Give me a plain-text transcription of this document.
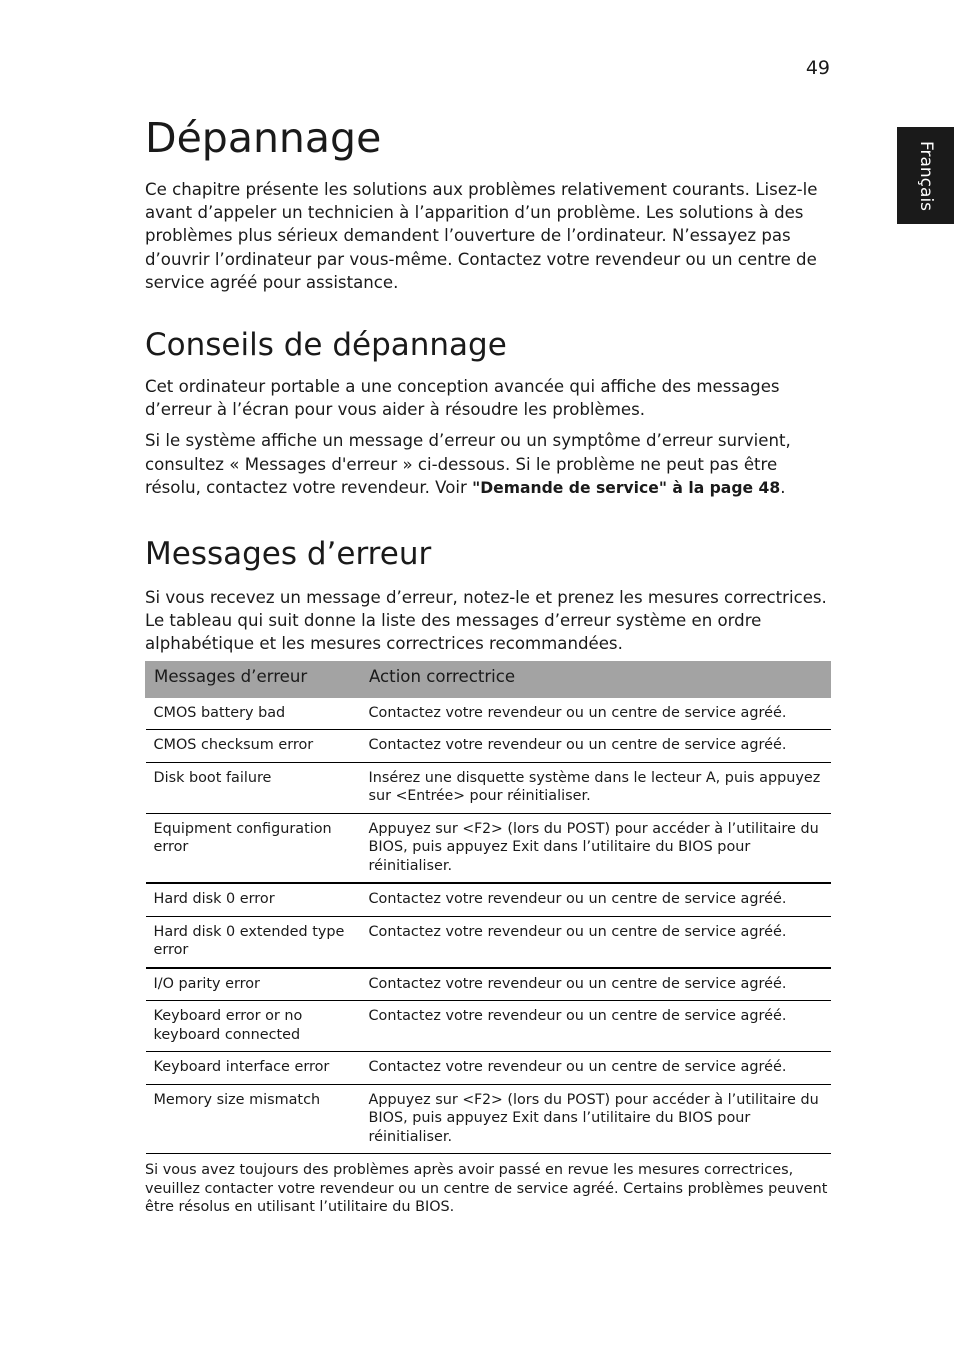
49
Français
Dépannage

Ce chapitre présente les solutions aux problèmes relativement courants. Lisez-le avant d’appeler un technicien à l’apparition d’un problème. Les solutions à des problèmes plus sérieux demandent l’ouverture de l’ordinateur. N’essayez pas d’ouvrir l’ordinateur par vous-même. Contactez votre revendeur ou un centre de service agréé pour assistance.

Conseils de dépannage

Cet ordinateur portable a une conception avancée qui affiche des messages d’erreur à l’écran pour vous aider à résoudre les problèmes.

Si le système affiche un message d’erreur ou un symptôme d’erreur survient, consultez « Messages d'erreur » ci-dessous. Si le problème ne peut pas être résolu, contactez votre revendeur. Voir "Demande de service" à la page 48.

Messages d’erreur

Si vous recevez un message d’erreur, notez-le et prenez les mesures correctrices. Le tableau qui suit donne la liste des messages d’erreur système en ordre alphabétique et les mesures correctrices recommandées.

Messages d’erreur	Action correctrice
CMOS battery bad	Contactez votre revendeur ou un centre de service agréé.
CMOS checksum error	Contactez votre revendeur ou un centre de service agréé.
Disk boot failure	Insérez une disquette système dans le lecteur A, puis appuyez sur <Entrée> pour réinitialiser.
Equipment configuration error	Appuyez sur <F2> (lors du POST) pour accéder à l’utilitaire du BIOS, puis appuyez Exit dans l’utilitaire du BIOS pour réinitialiser.
Hard disk 0 error	Contactez votre revendeur ou un centre de service agréé.
Hard disk 0 extended type error	Contactez votre revendeur ou un centre de service agréé.
I/O parity error	Contactez votre revendeur ou un centre de service agréé.
Keyboard error or no keyboard connected	Contactez votre revendeur ou un centre de service agréé.
Keyboard interface error	Contactez votre revendeur ou un centre de service agréé.
Memory size mismatch	Appuyez sur <F2> (lors du POST) pour accéder à l’utilitaire du BIOS, puis appuyez Exit dans l’utilitaire du BIOS pour réinitialiser.

Si vous avez toujours des problèmes après avoir passé en revue les mesures correctrices, veuillez contacter votre revendeur ou un centre de service agréé. Certains problèmes peuvent être résolus en utilisant l’utilitaire du BIOS.
